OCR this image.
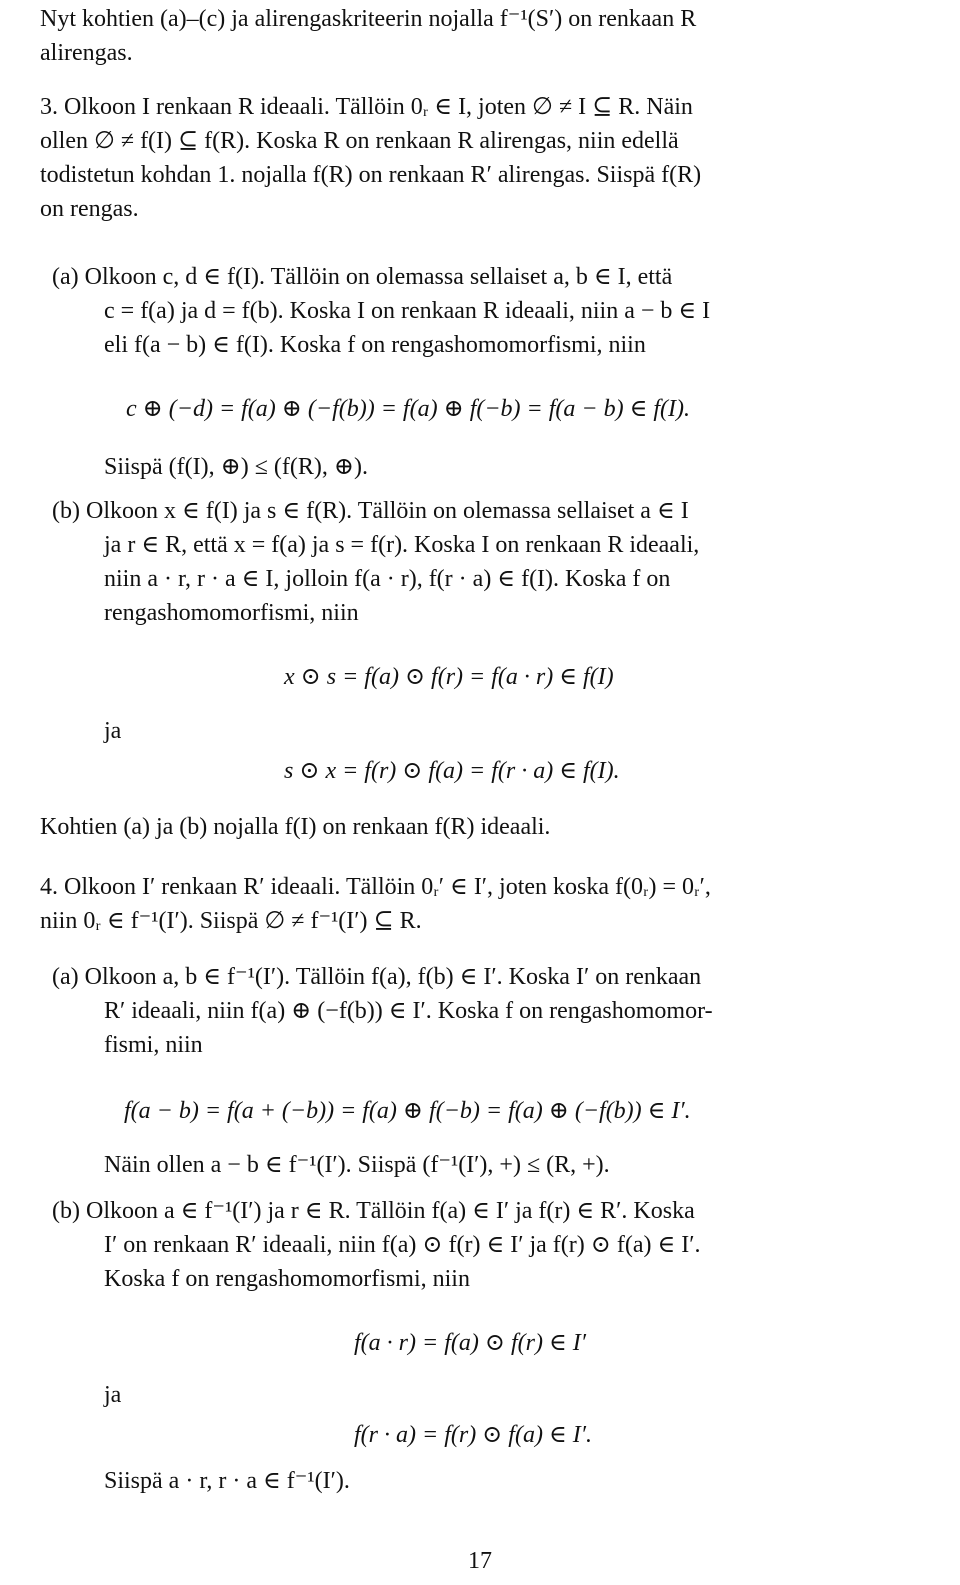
Nyt kohtien (a)–(c) ja alirengaskriteerin nojalla f⁻¹(S′) on renkaan R
alirengas.
3. Olkoon I renkaan R ideaali. Tällöin 0ᵣ ∈ I, joten ∅ ≠ I ⊆ R. Näin
ollen ∅ ≠ f(I) ⊆ f(R). Koska R on renkaan R alirengas, niin edellä
todistetun kohdan 1. nojalla f(R) on renkaan R′ alirengas. Siispä f(R)
on rengas.
(a) Olkoon c, d ∈ f(I). Tällöin on olemassa sellaiset a, b ∈ I, että
c = f(a) ja d = f(b). Koska I on renkaan R ideaali, niin a − b ∈ I
eli f(a − b) ∈ f(I). Koska f on rengashomomorfismi, niin
c ⊕ (−d) = f(a) ⊕ (−f(b)) = f(a) ⊕ f(−b) = f(a − b) ∈ f(I).
Siispä (f(I), ⊕) ≤ (f(R), ⊕).
(b) Olkoon x ∈ f(I) ja s ∈ f(R). Tällöin on olemassa sellaiset a ∈ I
ja r ∈ R, että x = f(a) ja s = f(r). Koska I on renkaan R ideaali,
niin a · r, r · a ∈ I, jolloin f(a · r), f(r · a) ∈ f(I). Koska f on
rengashomomorfismi, niin
x ⊙ s = f(a) ⊙ f(r) = f(a · r) ∈ f(I)
ja
s ⊙ x = f(r) ⊙ f(a) = f(r · a) ∈ f(I).
Kohtien (a) ja (b) nojalla f(I) on renkaan f(R) ideaali.
4. Olkoon I′ renkaan R′ ideaali. Tällöin 0ᵣ′ ∈ I′, joten koska f(0ᵣ) = 0ᵣ′,
niin 0ᵣ ∈ f⁻¹(I′). Siispä ∅ ≠ f⁻¹(I′) ⊆ R.
(a) Olkoon a, b ∈ f⁻¹(I′). Tällöin f(a), f(b) ∈ I′. Koska I′ on renkaan
R′ ideaali, niin f(a) ⊕ (−f(b)) ∈ I′. Koska f on rengashomomor-
fismi, niin
f(a − b) = f(a + (−b)) = f(a) ⊕ f(−b) = f(a) ⊕ (−f(b)) ∈ I′.
Näin ollen a − b ∈ f⁻¹(I′). Siispä (f⁻¹(I′), +) ≤ (R, +).
(b) Olkoon a ∈ f⁻¹(I′) ja r ∈ R. Tällöin f(a) ∈ I′ ja f(r) ∈ R′. Koska
I′ on renkaan R′ ideaali, niin f(a) ⊙ f(r) ∈ I′ ja f(r) ⊙ f(a) ∈ I′.
Koska f on rengashomomorfismi, niin
f(a · r) = f(a) ⊙ f(r) ∈ I′
ja
f(r · a) = f(r) ⊙ f(a) ∈ I′.
Siispä a · r, r · a ∈ f⁻¹(I′).
17
